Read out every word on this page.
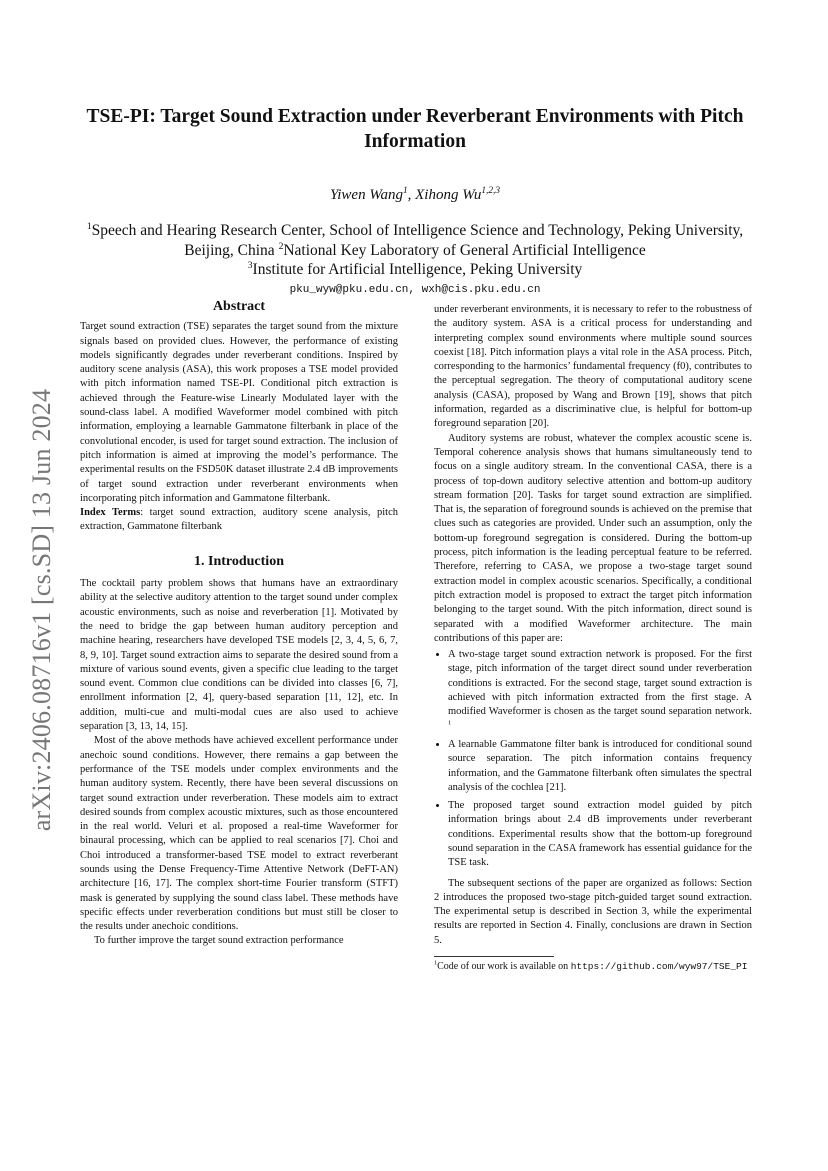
arXiv:2406.08716v1 [cs.SD] 13 Jun 2024
TSE-PI: Target Sound Extraction under Reverberant Environments with Pitch Information
Yiwen Wang$^1$, Xihong Wu$^{1,2,3}$
$^1$Speech and Hearing Research Center, School of Intelligence Science and Technology, Peking University, Beijing, China $^2$National Key Laboratory of General Artificial Intelligence
$^3$Institute for Artificial Intelligence, Peking University
pku_wyw@pku.edu.cn, wxh@cis.pku.edu.cn
Abstract

Target sound extraction (TSE) separates the target sound from the mixture signals based on provided clues. However, the performance of existing models significantly degrades under reverberant conditions. Inspired by auditory scene analysis (ASA), this work proposes a TSE model provided with pitch information named TSE-PI. Conditional pitch extraction is achieved through the Feature-wise Linearly Modulated layer with the sound-class label. A modified Waveformer model combined with pitch information, employing a learnable Gammatone filterbank in place of the convolutional encoder, is used for target sound extraction. The inclusion of pitch information is aimed at improving the model’s performance. The experimental results on the FSD50K dataset illustrate 2.4 dB improvements of target sound extraction under reverberant environments when incorporating pitch information and Gammatone filterbank.

Index Terms: target sound extraction, auditory scene analysis, pitch extraction, Gammatone filterbank

1. Introduction

The cocktail party problem shows that humans have an extraordinary ability at the selective auditory attention to the target sound under complex acoustic environments, such as noise and reverberation [1]. Motivated by the need to bridge the gap between human auditory perception and machine hearing, researchers have developed TSE models [2, 3, 4, 5, 6, 7, 8, 9, 10]. Target sound extraction aims to separate the desired sound from a mixture of various sound events, given a specific clue leading to the target sound event. Common clue conditions can be divided into classes [6, 7], enrollment information [2, 4], query-based separation [11, 12], etc. In addition, multi-cue and multi-modal cues are also used to achieve separation [3, 13, 14, 15].

Most of the above methods have achieved excellent performance under anechoic sound conditions. However, there remains a gap between the performance of the TSE models under complex environments and the human auditory system. Recently, there have been several discussions on target sound extraction under reverberation. These models aim to extract desired sounds from complex acoustic mixtures, such as those encountered in the real world. Veluri et al. proposed a real-time Waveformer for binaural processing, which can be applied to real scenarios [7]. Choi and Choi introduced a transformer-based TSE model to extract reverberant sounds using the Dense Frequency-Time Attentive Network (DeFT-AN) architecture [16, 17]. The complex short-time Fourier transform (STFT) mask is generated by supplying the sound class label. These methods have specific effects under reverberation conditions but must still be closer to the results under anechoic conditions.

To further improve the target sound extraction performance

under reverberant environments, it is necessary to refer to the robustness of the auditory system. ASA is a critical process for understanding and interpreting complex sound environments where multiple sound sources coexist [18]. Pitch information plays a vital role in the ASA process. Pitch, corresponding to the harmonics’ fundamental frequency (f0), contributes to the perceptual segregation. The theory of computational auditory scene analysis (CASA), proposed by Wang and Brown [19], shows that pitch information, regarded as a discriminative clue, is helpful for bottom-up foreground separation [20].

Auditory systems are robust, whatever the complex acoustic scene is. Temporal coherence analysis shows that humans simultaneously tend to focus on a single auditory stream. In the conventional CASA, there is a process of top-down auditory selective attention and bottom-up auditory stream formation [20]. Tasks for target sound extraction are simplified. That is, the separation of foreground sounds is achieved on the premise that clues such as categories are provided. Under such an assumption, only the bottom-up foreground segregation is considered. During the bottom-up process, pitch information is the leading perceptual feature to be referred. Therefore, referring to CASA, we propose a two-stage target sound extraction model in complex acoustic scenarios. Specifically, a conditional pitch extraction model is proposed to extract the target pitch information belonging to the target sound. With the pitch information, direct sound is separated with a modified Waveformer architecture. The main contributions of this paper are:

• A two-stage target sound extraction network is proposed. For the first stage, pitch information of the target direct sound under reverberation conditions is extracted. For the second stage, target sound extraction is achieved with pitch information extracted from the first stage. A modified Waveformer is chosen as the target sound separation network. $^1$
• A learnable Gammatone filter bank is introduced for conditional sound source separation. The pitch information contains frequency information, and the Gammatone filterbank often simulates the spectral analysis of the cochlea [21].
• The proposed target sound extraction model guided by pitch information brings about 2.4 dB improvements under reverberant conditions. Experimental results show that the bottom-up foreground sound separation in the CASA framework has essential guidance for the TSE task.

The subsequent sections of the paper are organized as follows: Section 2 introduces the proposed two-stage pitch-guided target sound extraction. The experimental setup is described in Section 3, while the experimental results are reported in Section 4. Finally, conclusions are drawn in Section 5.

$^1$Code of our work is available on https://github.com/wyw97/TSE_PI
